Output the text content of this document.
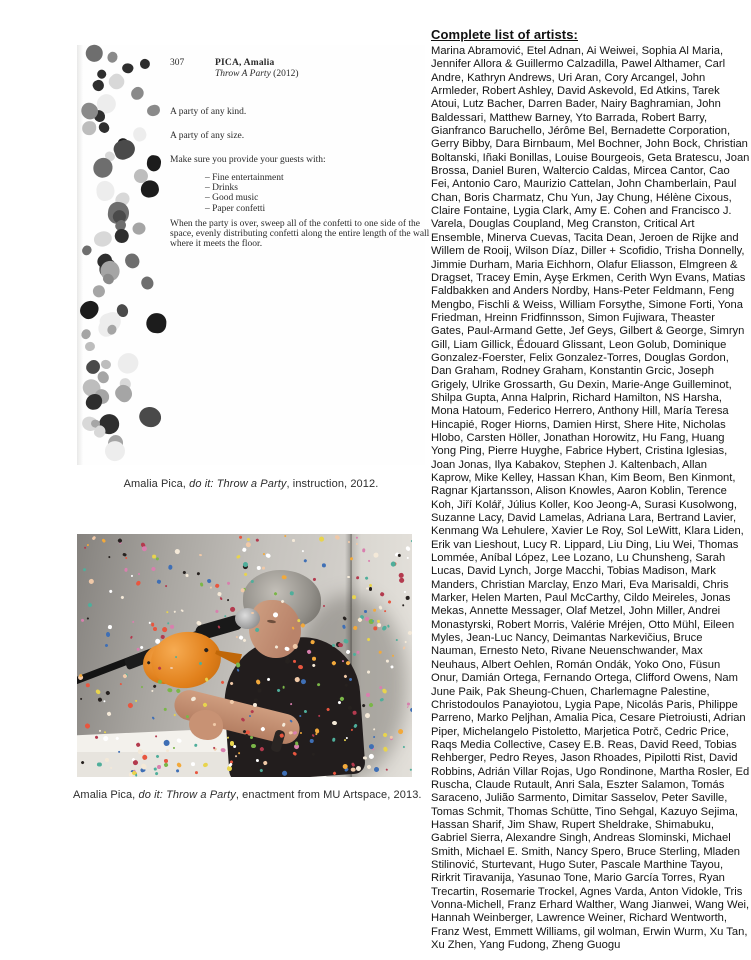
307	PICA, Amalia
Throw A Party (2012)

A party of any kind.

A party of any size.

Make sure you provide your guests with:

– Fine entertainment
– Drinks
– Good music
– Paper confetti

When the party is over, sweep all of the confetti to one side of the space, evenly distributing confetti along the entire length of the wall where it meets the floor.

Amalia Pica, do it: Throw a Party, instruction, 2012.
Amalia Pica, do it: Throw a Party, enactment from MU Artspace, 2013.
Complete list of artists:

Marina Abramović, Etel Adnan, Ai Weiwei, Sophia Al Maria, Jennifer Allora & Guillermo Calzadilla, Pawel Althamer, Carl Andre, Kathryn Andrews, Uri Aran, Cory Arcangel, John Armleder, Robert Ashley, David Askevold, Ed Atkins, Tarek Atoui, Lutz Bacher, Darren Bader, Nairy Baghramian, John Baldessari, Matthew Barney, Yto Barrada, Robert Barry, Gianfranco Baruchello, Jérôme Bel, Bernadette Corporation, Gerry Bibby, Dara Birnbaum, Mel Bochner, John Bock, Christian Boltanski, Iñaki Bonillas, Louise Bourgeois, Geta Bratescu, Joan Brossa, Daniel Buren, Waltercio Caldas, Mircea Cantor, Cao Fei, Antonio Caro, Maurizio Cattelan, John Chamberlain, Paul Chan, Boris Charmatz, Chu Yun, Jay Chung, Hélène Cixous, Claire Fontaine, Lygia Clark, Amy E. Cohen and Francisco J. Varela, Douglas Coupland, Meg Cranston, Critical Art Ensemble, Minerva Cuevas, Tacita Dean, Jeroen de Rijke and Willem de Rooij, Wilson Díaz, Diller + Scofidio, Trisha Donnelly, Jimmie Durham, Maria Eichhorn, Olafur Eliasson, Elmgreen & Dragset, Tracey Emin, Ayşe Erkmen, Cerith Wyn Evans, Matias Faldbakken and Anders Nordby, Hans-Peter Feldmann, Feng Mengbo, Fischli & Weiss, William Forsythe, Simone Forti, Yona Friedman, Hreinn Fridfinnsson, Simon Fujiwara, Theaster Gates, Paul-Armand Gette, Jef Geys, Gilbert & George, Simryn Gill, Liam Gillick, Édouard Glissant, Leon Golub, Dominique Gonzalez-Foerster, Felix Gonzalez-Torres, Douglas Gordon, Dan Graham, Rodney Graham, Konstantin Grcic, Joseph Grigely, Ulrike Grossarth, Gu Dexin, Marie-Ange Guilleminot, Shilpa Gupta, Anna Halprin, Richard Hamilton, NS Harsha, Mona Hatoum, Federico Herrero, Anthony Hill, María Teresa Hincapié, Roger Hiorns, Damien Hirst, Shere Hite, Nicholas Hlobo, Carsten Höller, Jonathan Horowitz, Hu Fang, Huang Yong Ping, Pierre Huyghe, Fabrice Hybert, Cristina Iglesias, Joan Jonas, Ilya Kabakov, Stephen J. Kaltenbach, Allan Kaprow, Mike Kelley, Hassan Khan, Kim Beom, Ben Kinmont, Ragnar Kjartansson, Alison Knowles, Aaron Koblin, Terence Koh, Jiří Kolář, Július Koller, Koo Jeong-A, Surasi Kusolwong, Suzanne Lacy, David Lamelas, Adriana Lara, Bertrand Lavier, Kenmang Wa Lehulere, Xavier Le Roy, Sol LeWitt, Klara Liden, Erik van Lieshout, Lucy R. Lippard, Liu Ding, Liu Wei, Thomas Lommée, Aníbal López, Lee Lozano, Lu Chunsheng, Sarah Lucas, David Lynch, Jorge Macchi, Tobias Madison, Mark Manders, Christian Marclay, Enzo Mari, Eva Marisaldi, Chris Marker, Helen Marten, Paul McCarthy, Cildo Meireles, Jonas Mekas, Annette Messager, Olaf Metzel, John Miller, Andrei Monastyrski, Robert Morris, Valérie Mréjen, Otto Mühl, Eileen Myles, Jean-Luc Nancy, Deimantas Narkevičius, Bruce Nauman, Ernesto Neto, Rivane Neuenschwander, Max Neuhaus, Albert Oehlen, Román Ondák, Yoko Ono, Füsun Onur, Damián Ortega, Fernando Ortega, Clifford Owens, Nam June Paik, Pak Sheung-Chuen, Charlemagne Palestine, Christodoulos Panayiotou, Lygia Pape, Nicolás Paris, Philippe Parreno, Marko Peljhan, Amalia Pica, Cesare Pietroiusti, Adrian Piper, Michelangelo Pistoletto, Marjetica Potrč, Cedric Price, Raqs Media Collective, Casey E.B. Reas, David Reed, Tobias Rehberger, Pedro Reyes, Jason Rhoades, Pipilotti Rist, David Robbins, Adrián Villar Rojas, Ugo Rondinone, Martha Rosler, Ed Ruscha, Claude Rutault, Anri Sala, Eszter Salamon, Tomás Saraceno, Julião Sarmento, Dimitar Sasselov, Peter Saville, Tomas Schmit, Thomas Schütte, Tino Sehgal, Kazuyo Sejima, Hassan Sharif, Jim Shaw, Rupert Sheldrake, Shimabuku, Gabriel Sierra, Alexandre Singh, Andreas Slominski, Michael Smith, Michael E. Smith, Nancy Spero, Bruce Sterling, Mladen Stilinović, Sturtevant, Hugo Suter, Pascale Marthine Tayou, Rirkrit Tiravanija, Yasunao Tone, Mario García Torres, Ryan Trecartin, Rosemarie Trockel, Agnes Varda, Anton Vidokle, Tris Vonna-Michell, Franz Erhard Walther, Wang Jianwei, Wang Wei, Hannah Weinberger, Lawrence Weiner, Richard Wentworth, Franz West, Emmett Williams, gil wolman, Erwin Wurm, Xu Tan, Xu Zhen, Yang Fudong, Zheng Guogu
